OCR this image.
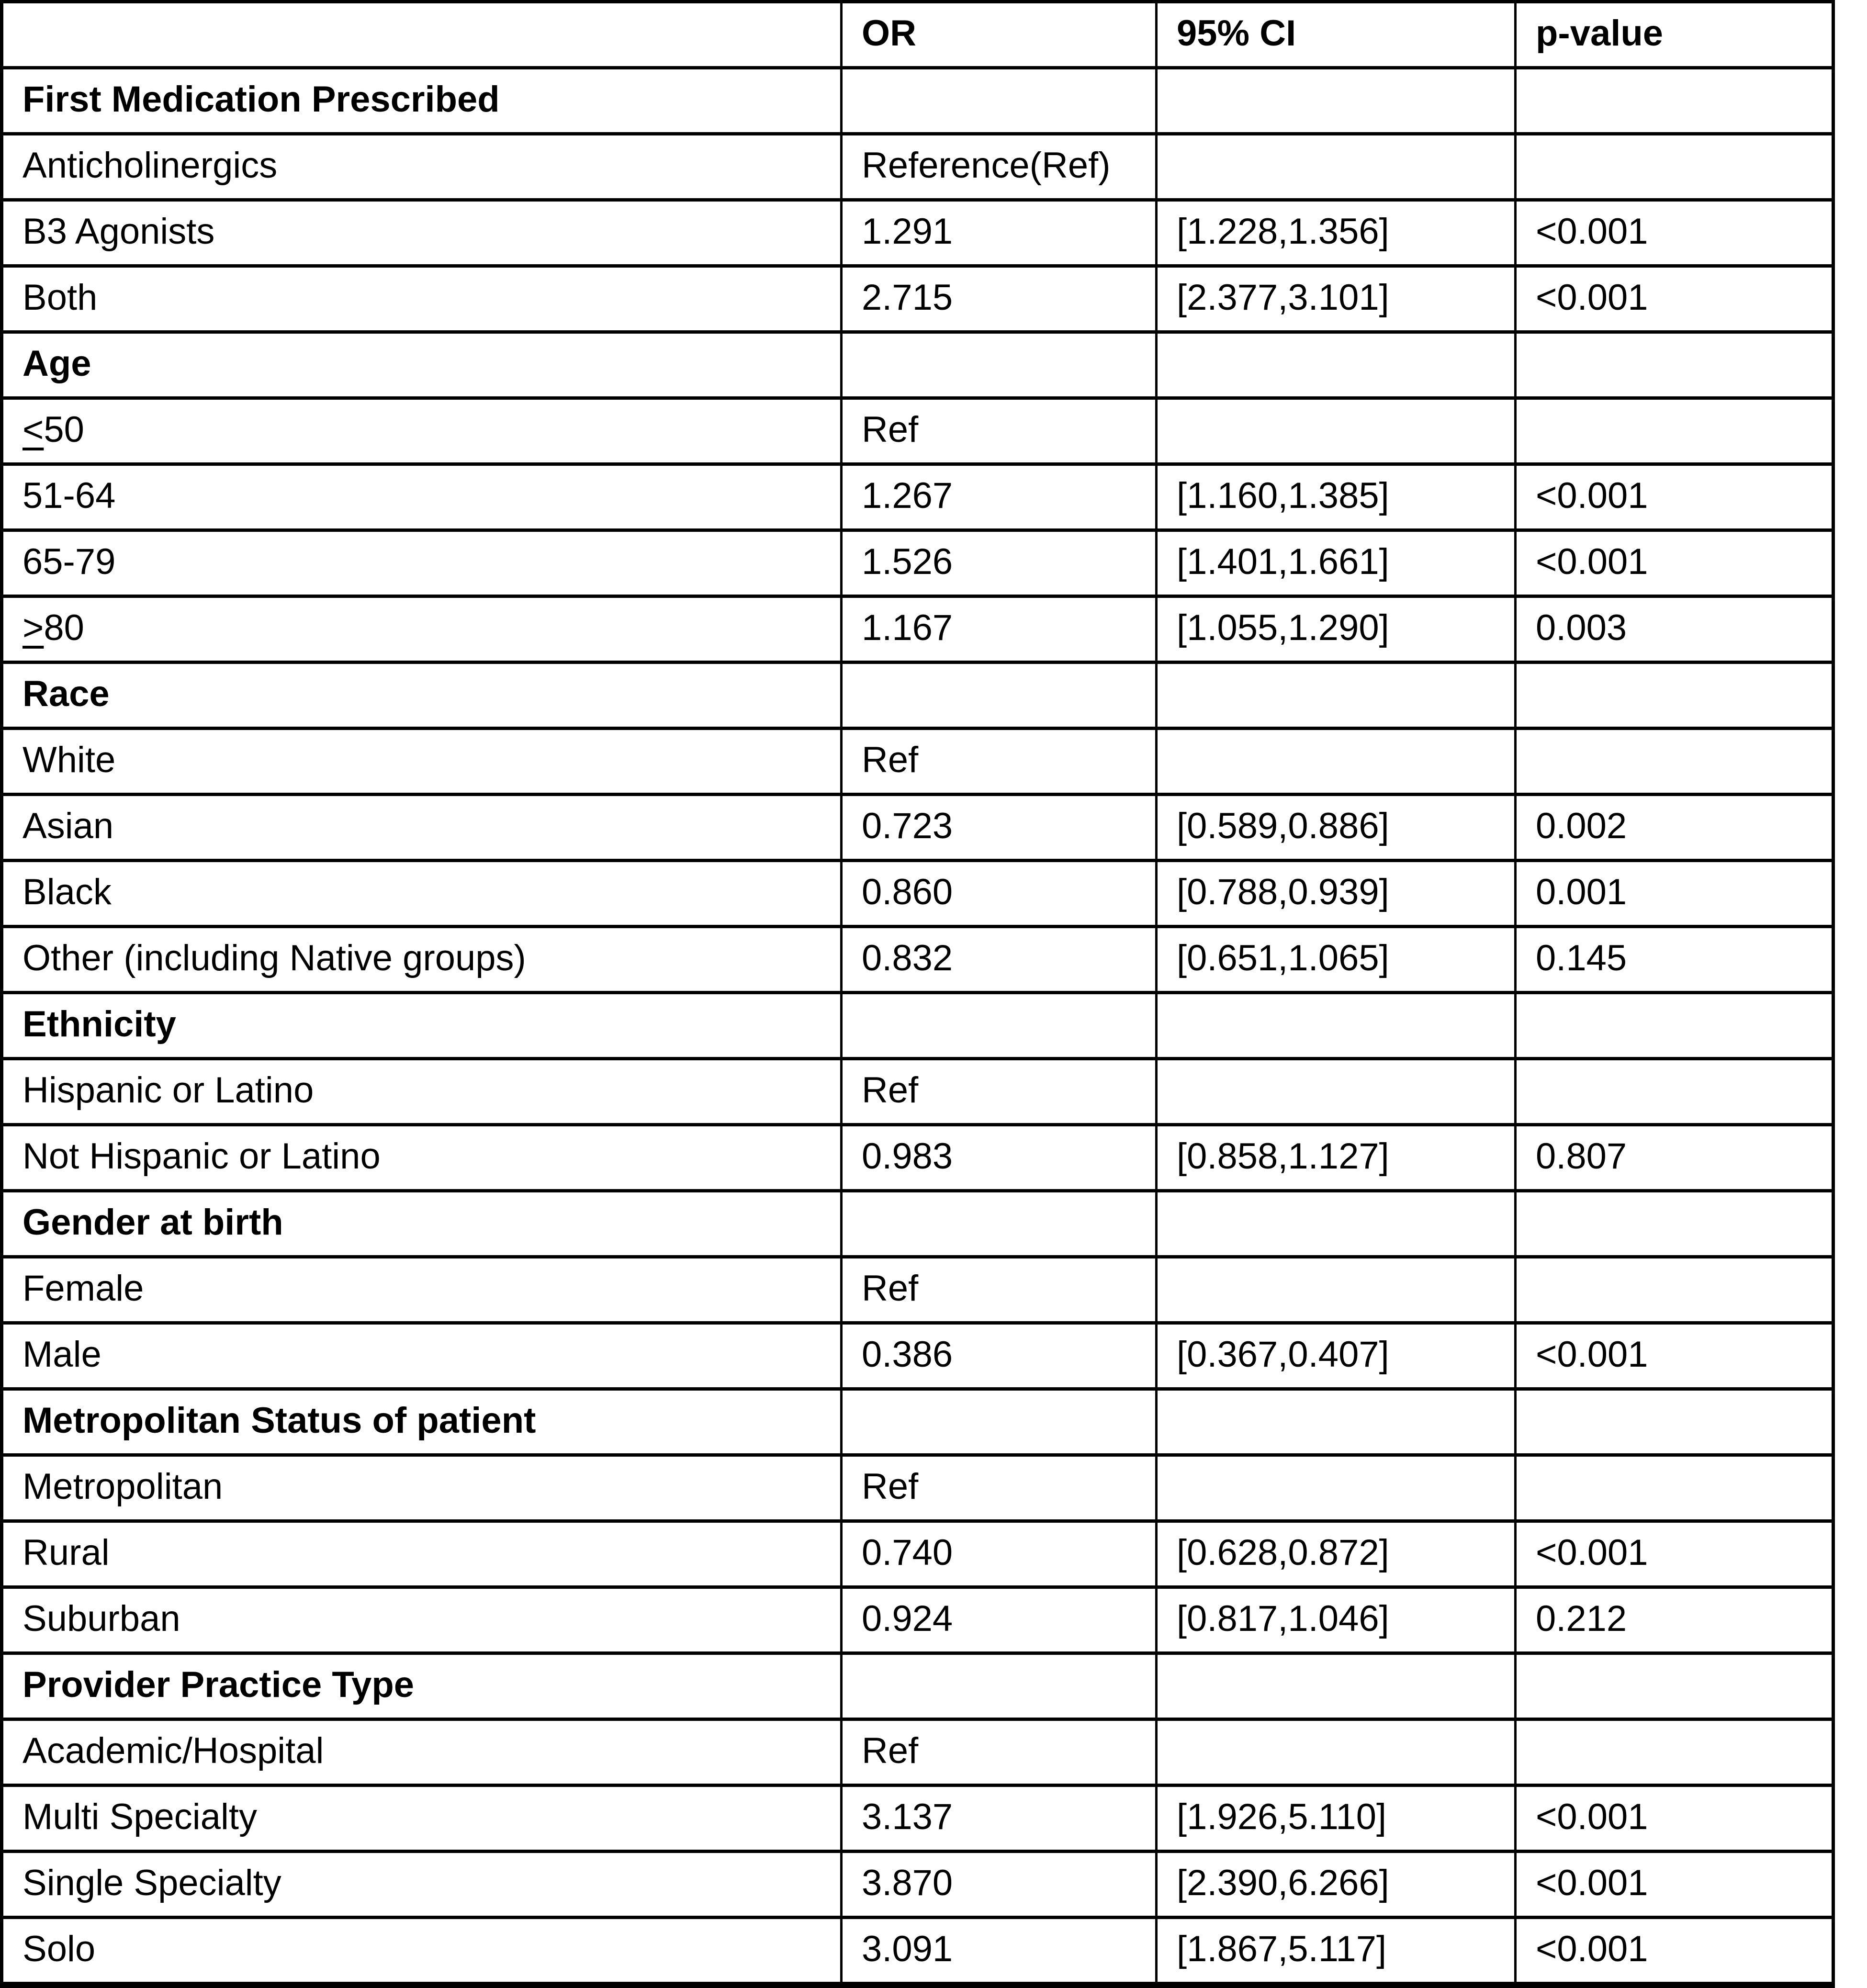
	OR	95% CI	p-value
First Medication Prescribed			
Anticholinergics	Reference(Ref)		
B3 Agonists	1.291	[1.228,1.356]	<0.001
Both	2.715	[2.377,3.101]	<0.001
Age			
<50	Ref		
51-64	1.267	[1.160,1.385]	<0.001
65-79	1.526	[1.401,1.661]	<0.001
>80	1.167	[1.055,1.290]	0.003
Race			
White	Ref		
Asian	0.723	[0.589,0.886]	0.002
Black	0.860	[0.788,0.939]	0.001
Other (including Native groups)	0.832	[0.651,1.065]	0.145
Ethnicity			
Hispanic or Latino	Ref		
Not Hispanic or Latino	0.983	[0.858,1.127]	0.807
Gender at birth			
Female	Ref		
Male	0.386	[0.367,0.407]	<0.001
Metropolitan Status of patient			
Metropolitan	Ref		
Rural	0.740	[0.628,0.872]	<0.001
Suburban	0.924	[0.817,1.046]	0.212
Provider Practice Type			
Academic/Hospital	Ref		
Multi Specialty	3.137	[1.926,5.110]	<0.001
Single Specialty	3.870	[2.390,6.266]	<0.001
Solo	3.091	[1.867,5.117]	<0.001
